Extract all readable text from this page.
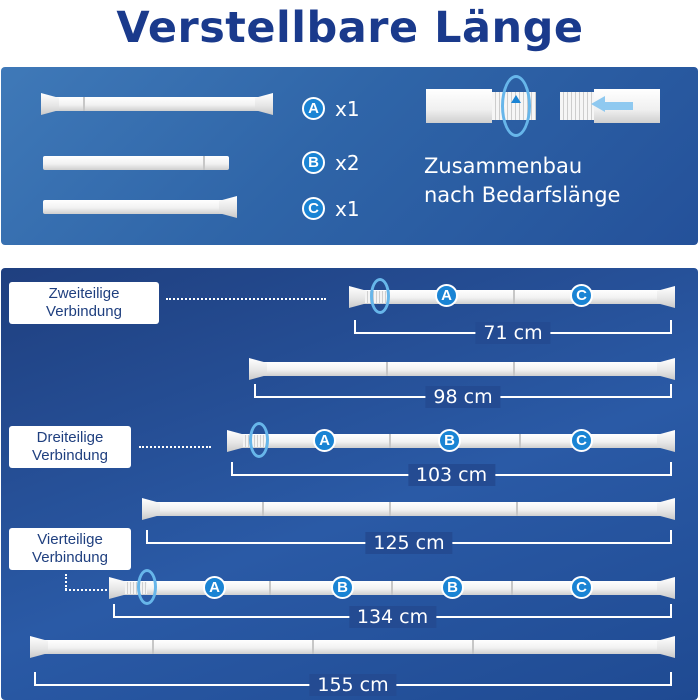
Verstellbare Länge
A x1
B x2
C x1
Zusammenbau
nach Bedarfslänge
Zweiteilige
Verbindung
A	C
71 cm
98 cm
Dreiteilige
Verbindung
A	B	C
103 cm
125 cm
Vierteilige
Verbindung
A	B	B	C
134 cm
155 cm
